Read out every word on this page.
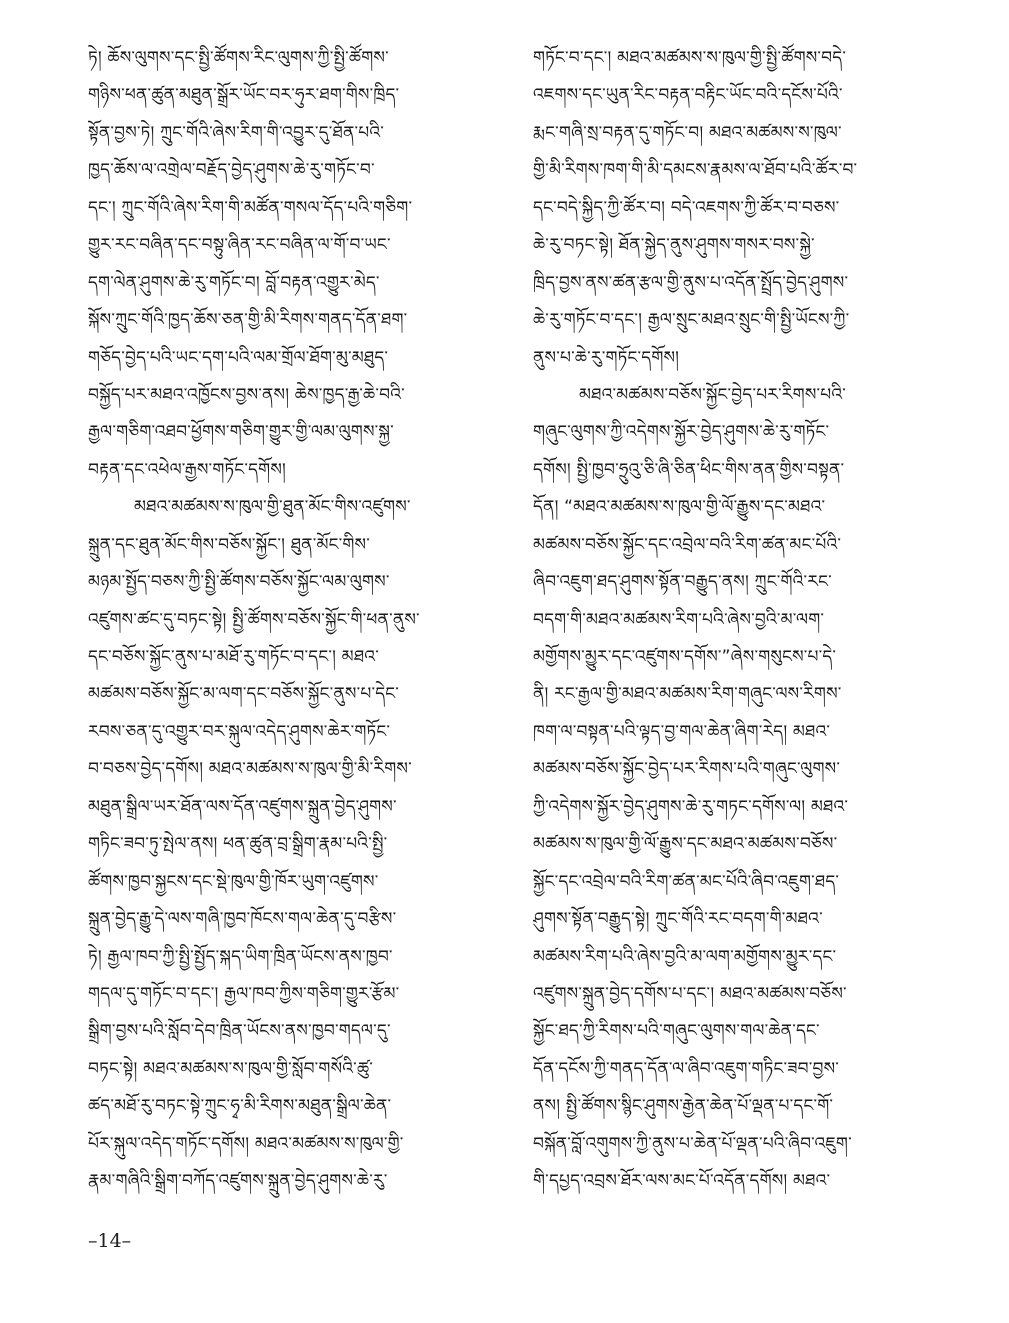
ཏེ། ཆོས་ལུགས་དང་སྤྱི་ཚོགས་རིང་ལུགས་ཀྱི་སྤྱི་ཚོགས་
གཉིས་ཕན་ཚུན་མཐུན་སྒྲོར་ཡོང་བར་ཧུར་ཐག་གིས་ཁྲིད་
སྟོན་བྱས་ཏེ། ཀྲུང་གོའི་ཞེས་རིག་གི་འབྱུར་དུ་ཐོན་པའི་
ཁྱད་ཆོས་ལ་འགྲེལ་བརྗོད་བྱེད་ཤུགས་ཆེ་རུ་གཏོང་བ་
དང་། ཀྲུང་གོའི་ཞེས་རིག་གི་མཚོན་གསལ་དོད་པའི་གཅིག་
གྱུར་རང་བཞིན་དང་བསྟུ་ཞིན་རང་བཞིན་ལ་གོ་བ་ཡང་
དག་ལེན་ཤུགས་ཆེ་རུ་གཏོང་བ། བློ་བརྟན་འགྱུར་མེད་
སྐོས་ཀྲུང་གོའི་ཁྱད་ཆོས་ཅན་གྱི་མི་རིགས་གནད་དོན་ཐག་
གཅོད་བྱེད་པའི་ཡང་དག་པའི་ལམ་གྲོལ་ཐོག་མུ་མཐུད་
བསྐྱོད་པར་མཐའ་འཁྱོངས་བྱས་ནས། ཆེས་ཁྱད་རྒྱ་ཆེ་བའི་
རྒྱལ་གཅིག་འཐབ་ཕྱོགས་གཅིག་གྱུར་གྱི་ལམ་ལུགས་སྐྱ་
བརྟན་དང་འཕེལ་རྒྱས་གཏོང་དགོས།
མཐའ་མཚམས་ས་ཁུལ་གྱི་ཐུན་མོང་གིས་འཛུགས་
སྐྲུན་དང་ཐུན་མོང་གིས་བཅོས་སྐྱོང་། ཐུན་མོང་གིས་
མཉམ་སྤྱོད་བཅས་ཀྱི་སྤྱི་ཚོགས་བཅོས་སྐྱོང་ལམ་ལུགས་
འཛུགས་ཚང་དུ་བཏང་སྟེ། སྤྱི་ཚོགས་བཅོས་སྐྱོང་གི་ཕན་ནུས་
དང་བཅོས་སྐྱོང་ནུས་པ་མཐོ་རུ་གཏོང་བ་དང་། མཐའ་
མཚམས་བཅོས་སྐྱོང་མ་ལག་དང་བཅོས་སྐྱོང་ནུས་པ་དེང་
རབས་ཅན་དུ་འགྱུར་བར་སྐུལ་འདེད་ཤུགས་ཆེར་གཏོང་
བ་བཅས་བྱེད་དགོས། མཐའ་མཚམས་ས་ཁུལ་གྱི་མི་རིགས་
མཐུན་སྒྲིལ་ཡར་ཐོན་ལས་དོན་འཛུགས་སྐྲུན་བྱེད་ཤུགས་
གཏིང་ཟབ་ཏུ་སྤེལ་ནས། ཕན་ཚུན་བྲ་སྒྲིག་རྣམ་པའི་སྤྱི་
ཚོགས་ཁྱབ་སྐྱངས་དང་སྡེ་ཁུལ་གྱི་ཁོར་ཡུག་འཛུགས་
སྐྲུན་བྱེད་རྒྱུ་དེ་ལས་གཞི་ཁྱབ་ཁོངས་གལ་ཆེན་དུ་བརྩིས་
ཏེ། རྒྱལ་ཁབ་ཀྱི་སྤྱི་སྤྱོད་སྐད་ཡིག་ཁྲིན་ཡོངས་ནས་ཁྱབ་
གདལ་དུ་གཏོང་བ་དང་། རྒྱལ་ཁབ་ཀྱིས་གཅིག་གྱུར་རྩོམ་
སྒྲིག་བྱས་པའི་སློབ་དེབ་ཁྲིན་ཡོངས་ནས་ཁྱབ་གདལ་དུ་
བཏང་སྟེ། མཐའ་མཚམས་ས་ཁུལ་གྱི་སློབ་གསོའི་ཚུ་
ཚད་མཐོ་རུ་བཏང་སྟེ་ཀྲུང་ཧྭ་མི་རིགས་མཐུན་སྒྲིལ་ཆེན་
པོར་སྐུལ་འདེད་གཏོང་དགོས། མཐའ་མཚམས་ས་ཁུལ་གྱི་
རྣམ་གཞིའི་སྒྲིག་བཀོད་འཛུགས་སྐྲུན་བྱེད་ཤུགས་ཆེ་རུ་
གཏོང་བ་དང་། མཐའ་མཚམས་ས་ཁུལ་གྱི་སྤྱི་ཚོགས་བདེ་
འཇགས་དང་ཡུན་རིང་བརྟན་བརྟིང་ཡོང་བའི་དངོས་པོའི་
རྨང་གཞི་སྲ་བརྟན་དུ་གཏོང་བ། མཐའ་མཚམས་ས་ཁུལ་
གྱི་མི་རིགས་ཁག་གི་མི་དམངས་རྣམས་ལ་ཐོབ་པའི་ཚོར་བ་
དང་བདེ་སྐྱིད་ཀྱི་ཚོར་བ། བདེ་འཇགས་ཀྱི་ཚོར་བ་བཅས་
ཆེ་རུ་བཏང་སྟེ། ཐོན་སྐྱེད་ནུས་ཤུགས་གསར་བས་སྐྱེ་
ཁྲིད་བྱས་ནས་ཚན་རྩལ་གྱི་ནུས་པ་འདོན་སྤྲོད་བྱེད་ཤུགས་
ཆེ་རུ་གཏོང་བ་དང་། རྒྱལ་སྲུང་མཐའ་སྲུང་གི་སྤྱི་ཡོངས་ཀྱི་
ནུས་པ་ཆེ་རུ་གཏོང་དགོས།
མཐའ་མཚམས་བཅོས་སྐྱོང་བྱེད་པར་རིགས་པའི་
གཞུང་ལུགས་ཀྱི་འདེགས་སྐྱོར་བྱེད་ཤུགས་ཆེ་རུ་གཏོང་
དགོས། སྤྱི་ཁྱབ་ཧྲུའུ་ཅི་ཞི་ཅིན་ཕིང་གིས་ནན་གྱིས་བསྟན་
དོན། “མཐའ་མཚམས་ས་ཁུལ་གྱི་ལོ་རྒྱུས་དང་མཐའ་
མཚམས་བཅོས་སྐྱོང་དང་འབྲེལ་བའི་རིག་ཚན་མང་པོའི་
ཞིབ་འཇུག་ཐད་ཤུགས་སྟོན་བརྒྱུད་ནས། ཀྲུང་གོའི་རང་
བདག་གི་མཐའ་མཚམས་རིག་པའི་ཞེས་བྱའི་མ་ལག་
མགྱོགས་མྱུར་དང་འཛུགས་དགོས་”ཞེས་གསུངས་པ་དེ་
ནི། རང་རྒྱལ་གྱི་མཐའ་མཚམས་རིག་གཞུང་ལས་རིགས་
ཁག་ལ་བསྟན་པའི་ལྟད་བྱ་གལ་ཆེན་ཞིག་རེད། མཐའ་
མཚམས་བཅོས་སྐྱོང་བྱེད་པར་རིགས་པའི་གཞུང་ལུགས་
ཀྱི་འདེགས་སྐྱོར་བྱེད་ཤུགས་ཆེ་རུ་གཏང་དགོས་ལ། མཐའ་
མཚམས་ས་ཁུལ་གྱི་ལོ་རྒྱུས་དང་མཐའ་མཚམས་བཅོས་
སྐྱོང་དང་འབྲེལ་བའི་རིག་ཚན་མང་པོའི་ཞིབ་འཇུག་ཐད་
ཤུགས་སྟོན་བརྒྱུད་སྟེ། ཀྲུང་གོའི་རང་བདག་གི་མཐའ་
མཚམས་རིག་པའི་ཞེས་བྱའི་མ་ལག་མགྱོགས་མྱུར་དང་
འཛུགས་སྐྲུན་བྱེད་དགོས་པ་དང་། མཐའ་མཚམས་བཅོས་
སྐྱོང་ཐད་ཀྱི་རིགས་པའི་གཞུང་ལུགས་གལ་ཆེན་དང་
དོན་དངོས་ཀྱི་གནད་དོན་ལ་ཞིབ་འཇུག་གཏིང་ཟབ་བྱས་
ནས། སྤྱི་ཚོགས་སྙིང་ཤུགས་རྒྱེན་ཆེན་པོ་ལྡན་པ་དང་གོ་
བསྐོན་བློ་འགུགས་ཀྱི་ནུས་པ་ཆེན་པོ་ལྡན་པའི་ཞིབ་འཇུག་
གི་དཔྱད་འབྲས་ཐོར་ལས་མང་པོ་འདོན་དགོས། མཐའ་
–14–
